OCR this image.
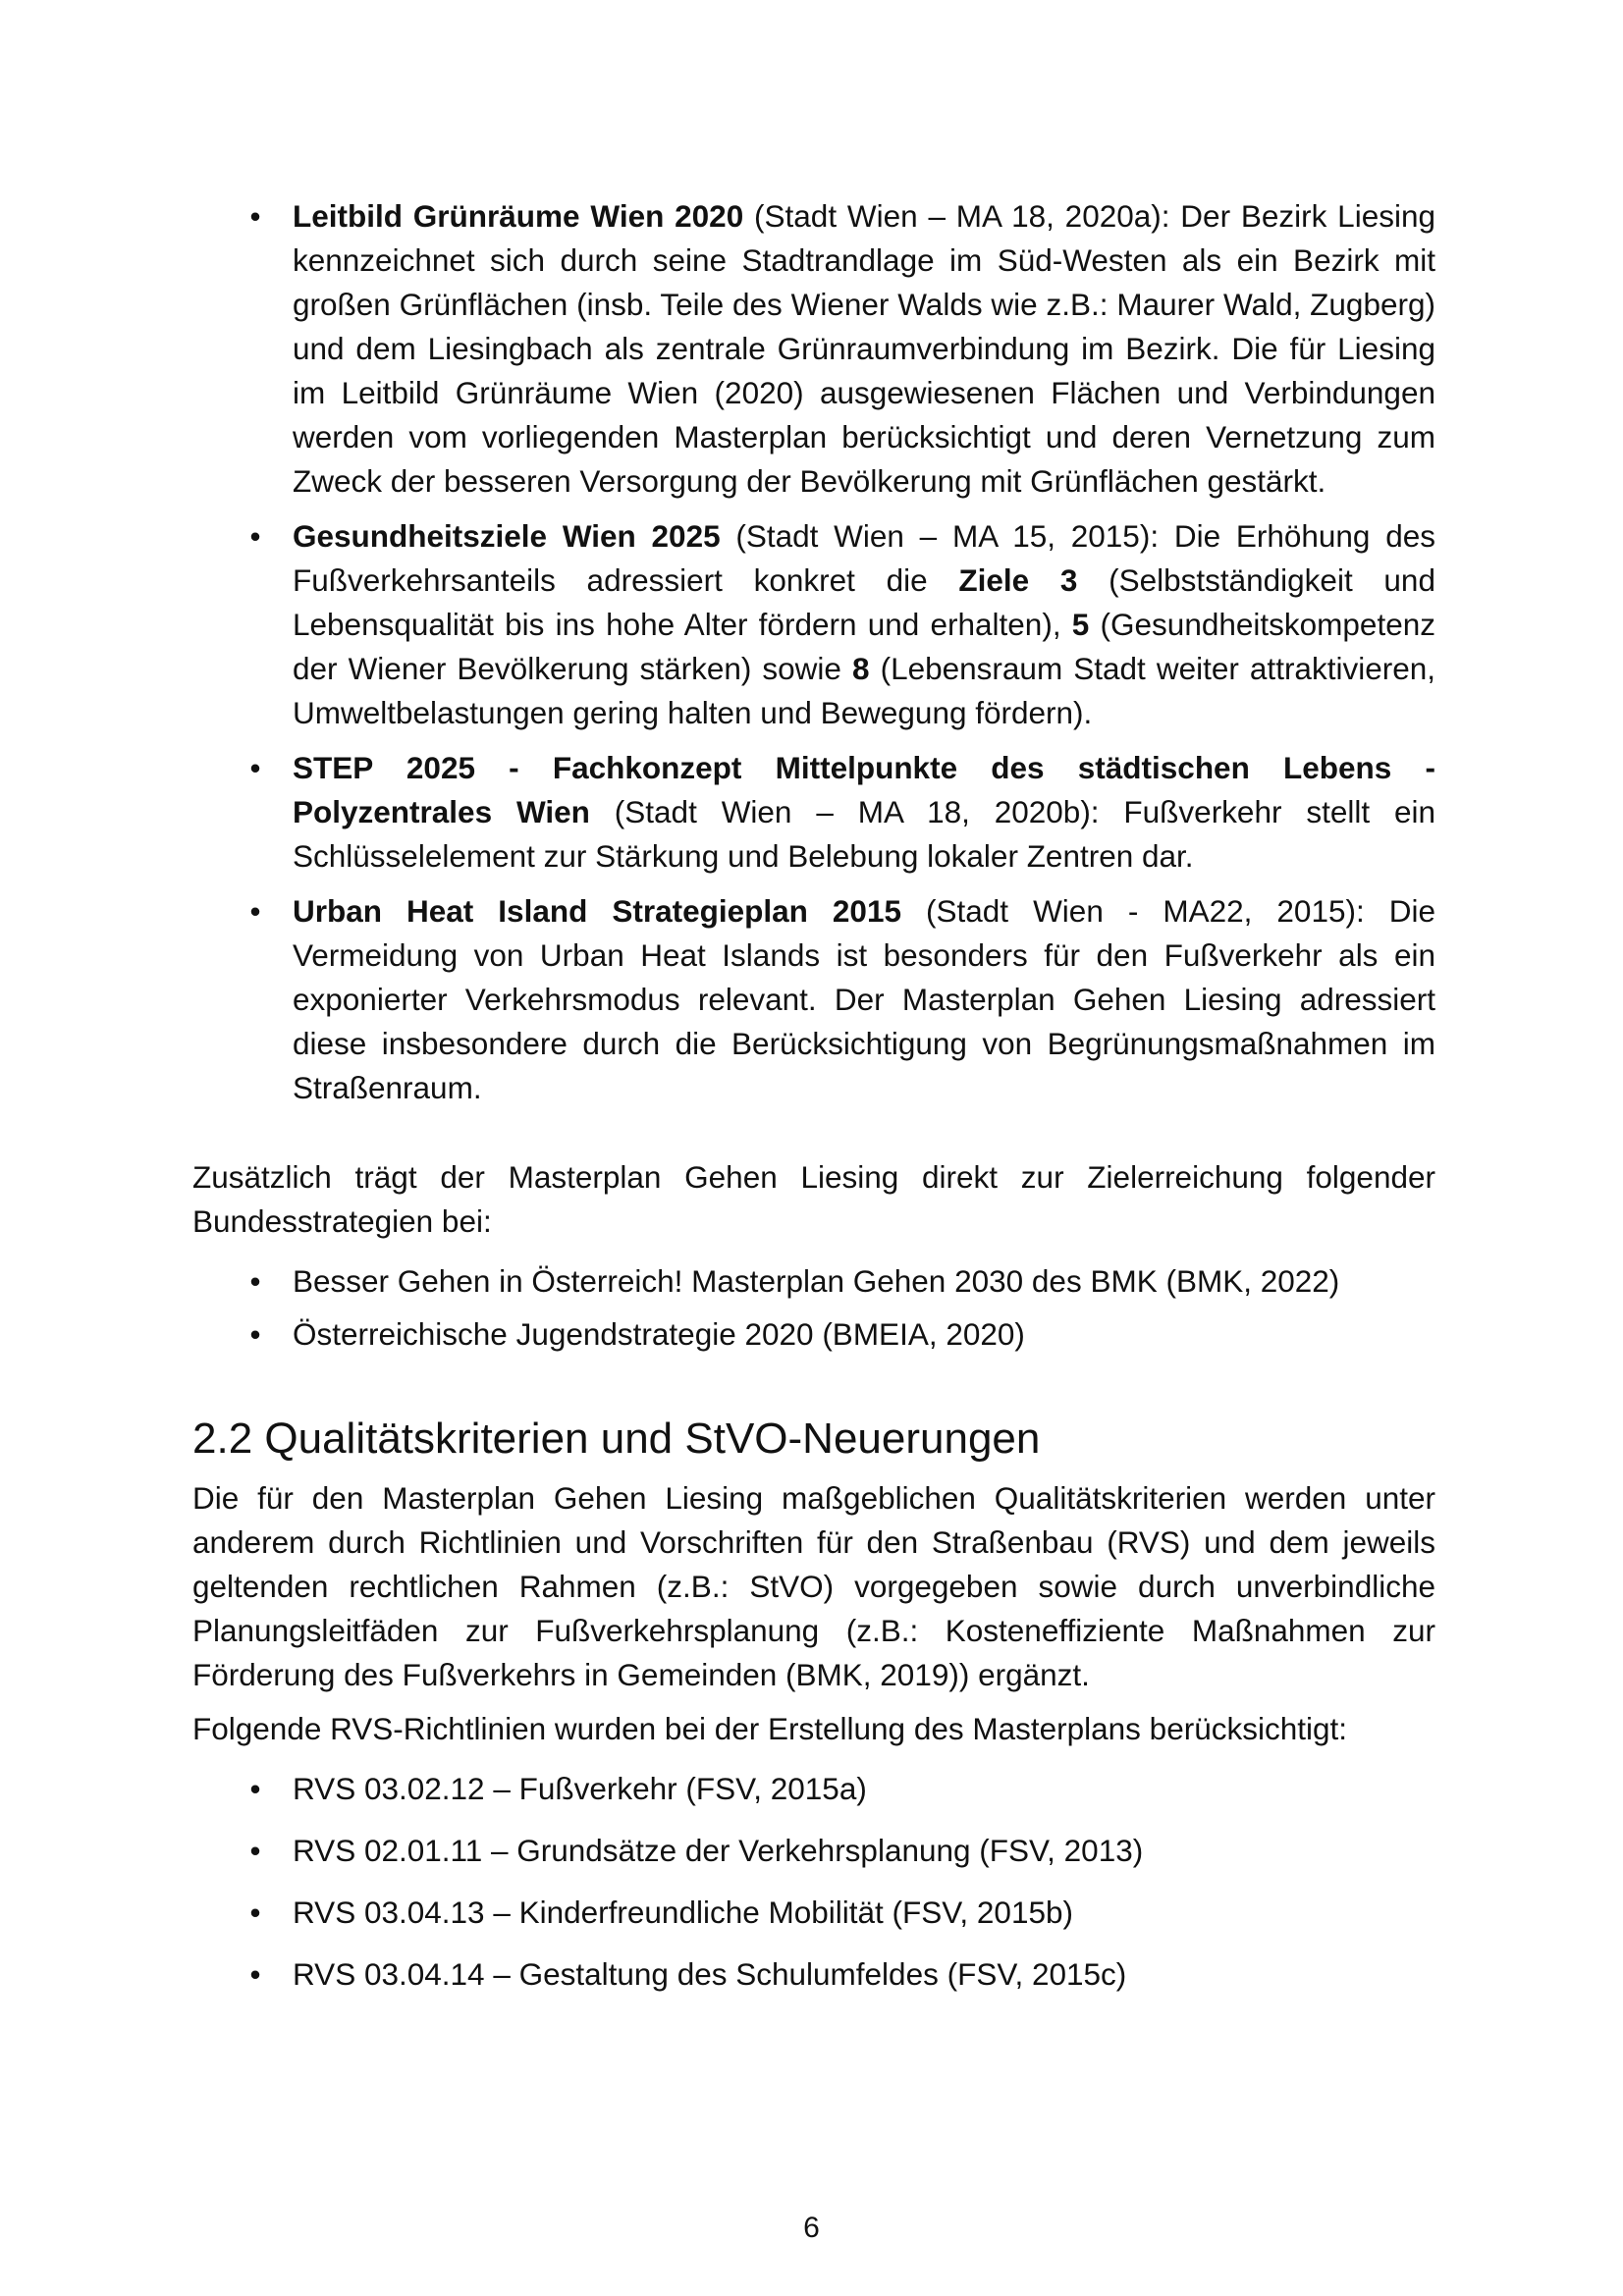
• Leitbild Grünräume Wien 2020 (Stadt Wien – MA 18, 2020a): Der Bezirk Liesing kennzeichnet sich durch seine Stadtrandlage im Süd-Westen als ein Bezirk mit großen Grünflächen (insb. Teile des Wiener Walds wie z.B.: Maurer Wald, Zugberg) und dem Liesingbach als zentrale Grünraumverbindung im Bezirk. Die für Liesing im Leitbild Grünräume Wien (2020) ausgewiesenen Flächen und Verbindungen werden vom vorliegenden Masterplan berücksichtigt und deren Vernetzung zum Zweck der besseren Versorgung der Bevölkerung mit Grünflächen gestärkt.
• Gesundheitsziele Wien 2025 (Stadt Wien – MA 15, 2015): Die Erhöhung des Fußverkehrsanteils adressiert konkret die Ziele 3 (Selbstständigkeit und Lebensqualität bis ins hohe Alter fördern und erhalten), 5 (Gesundheitskompetenz der Wiener Bevölkerung stärken) sowie 8 (Lebensraum Stadt weiter attraktivieren, Umweltbelastungen gering halten und Bewegung fördern).
• STEP 2025 - Fachkonzept Mittelpunkte des städtischen Lebens - Polyzentrales Wien (Stadt Wien – MA 18, 2020b): Fußverkehr stellt ein Schlüsselelement zur Stärkung und Belebung lokaler Zentren dar.
• Urban Heat Island Strategieplan 2015 (Stadt Wien - MA22, 2015): Die Vermeidung von Urban Heat Islands ist besonders für den Fußverkehr als ein exponierter Verkehrsmodus relevant. Der Masterplan Gehen Liesing adressiert diese insbesondere durch die Berücksichtigung von Begrünungsmaßnahmen im Straßenraum.

Zusätzlich trägt der Masterplan Gehen Liesing direkt zur Zielerreichung folgender Bundesstrategien bei:

• Besser Gehen in Österreich! Masterplan Gehen 2030 des BMK (BMK, 2022)
• Österreichische Jugendstrategie 2020 (BMEIA, 2020)
2.2 Qualitätskriterien und StVO-Neuerungen

Die für den Masterplan Gehen Liesing maßgeblichen Qualitätskriterien werden unter anderem durch Richtlinien und Vorschriften für den Straßenbau (RVS) und dem jeweils geltenden rechtlichen Rahmen (z.B.: StVO) vorgegeben sowie durch unverbindliche Planungsleitfäden zur Fußverkehrsplanung (z.B.: Kosteneffiziente Maßnahmen zur Förderung des Fußverkehrs in Gemeinden (BMK, 2019)) ergänzt.

Folgende RVS-Richtlinien wurden bei der Erstellung des Masterplans berücksichtigt:

• RVS 03.02.12 – Fußverkehr (FSV, 2015a)
• RVS 02.01.11 – Grundsätze der Verkehrsplanung (FSV, 2013)
• RVS 03.04.13 – Kinderfreundliche Mobilität (FSV, 2015b)
• RVS 03.04.14 – Gestaltung des Schulumfeldes (FSV, 2015c)
6
